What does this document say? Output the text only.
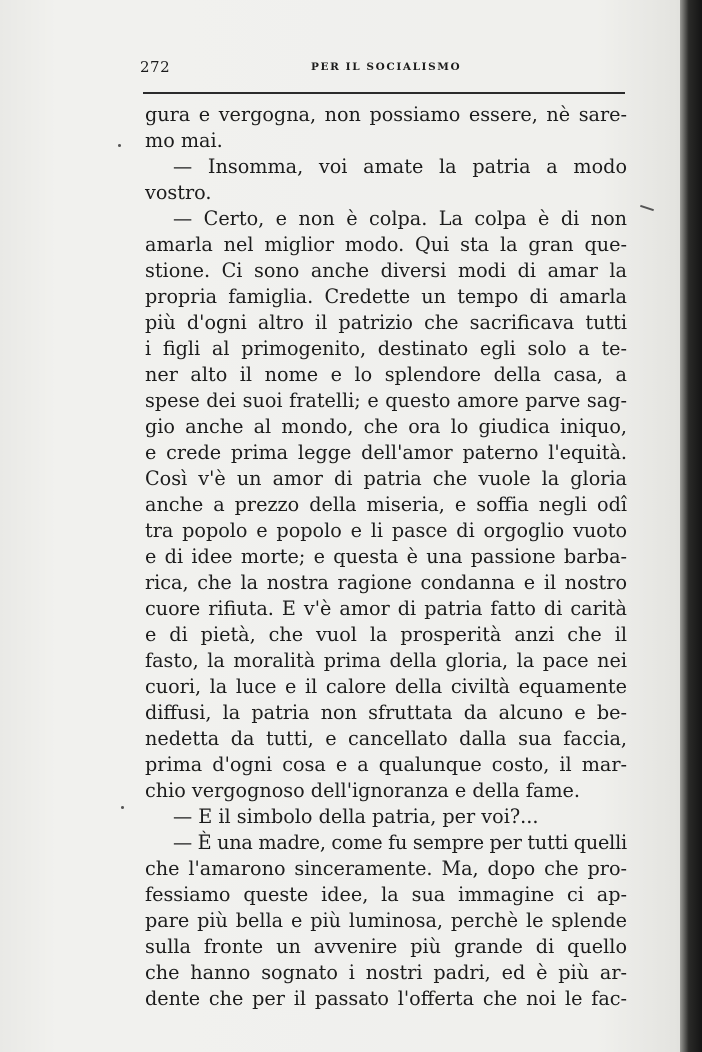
272	PER IL SOCIALISMO
gura e vergogna, non possiamo essere, nè sare-
mo mai.
— Insomma, voi amate la patria a modo
vostro.
— Certo, e non è colpa. La colpa è di non
amarla nel miglior modo. Qui sta la gran que-
stione. Ci sono anche diversi modi di amar la
propria famiglia. Credette un tempo di amarla
più d'ogni altro il patrizio che sacrificava tutti
i figli al primogenito, destinato egli solo a te-
ner alto il nome e lo splendore della casa, a
spese dei suoi fratelli; e questo amore parve sag-
gio anche al mondo, che ora lo giudica iniquo,
e crede prima legge dell'amor paterno l'equità.
Così v'è un amor di patria che vuole la gloria
anche a prezzo della miseria, e soffia negli odî
tra popolo e popolo e li pasce di orgoglio vuoto
e di idee morte; e questa è una passione barba-
rica, che la nostra ragione condanna e il nostro
cuore rifiuta. E v'è amor di patria fatto di carità
e di pietà, che vuol la prosperità anzi che il
fasto, la moralità prima della gloria, la pace nei
cuori, la luce e il calore della civiltà equamente
diffusi, la patria non sfruttata da alcuno e be-
nedetta da tutti, e cancellato dalla sua faccia,
prima d'ogni cosa e a qualunque costo, il mar-
chio vergognoso dell'ignoranza e della fame.
— E il simbolo della patria, per voi?...
— È una madre, come fu sempre per tutti quelli
che l'amarono sinceramente. Ma, dopo che pro-
fessiamo queste idee, la sua immagine ci ap-
pare più bella e più luminosa, perchè le splende
sulla fronte un avvenire più grande di quello
che hanno sognato i nostri padri, ed è più ar-
dente che per il passato l'offerta che noi le fac-
